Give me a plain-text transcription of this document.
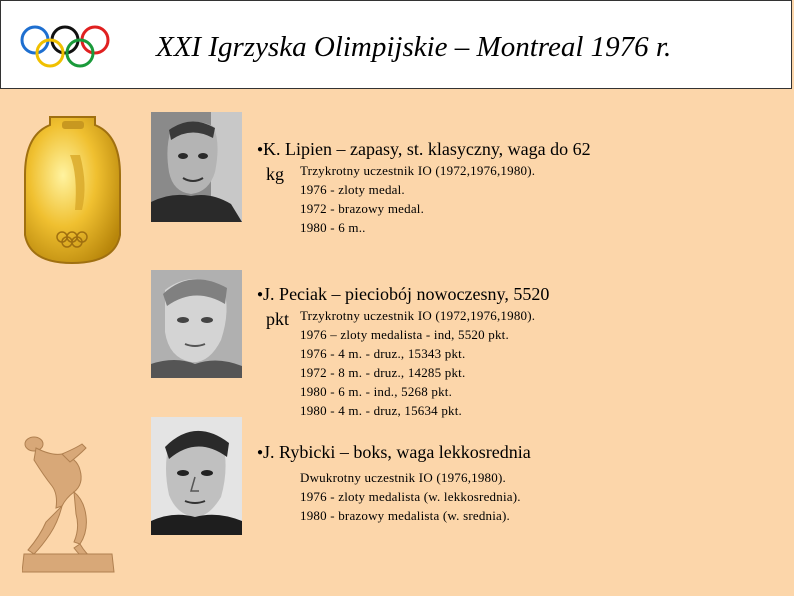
XXI Igrzyska Olimpijskie – Montreal 1976 r.
●K. Lipien – zapasy, st. klasyczny, waga do 62
kg Trzykrotny uczestnik IO (1972,1976,1980).
1976 - zloty medal.
1972 - brazowy medal.
1980 - 6 m..
●J. Peciak – pieciobój nowoczesny, 5520
pkt Trzykrotny uczestnik IO (1972,1976,1980).
1976 – zloty medalista - ind, 5520 pkt.
1976 - 4 m. - druz., 15343 pkt.
1972 - 8 m. - druz., 14285 pkt.
1980 - 6 m. - ind., 5268 pkt.
1980 - 4 m. - druz, 15634 pkt.
●J. Rybicki – boks, waga lekkosrednia
Dwukrotny uczestnik IO (1976,1980).
1976 - zloty medalista (w. lekkosrednia).
1980 - brazowy medalista (w. srednia).
